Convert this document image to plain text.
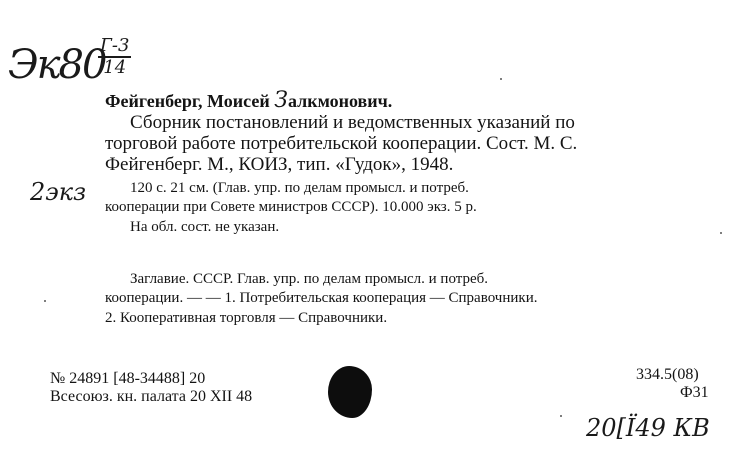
Эк80
Г-3
14
2экз
Фейгенберг, Моисей Залкмонович.
Сборник постановлений и ведомственных указаний по
торговой работе потребительской кооперации. Сост. М. С.
Фейгенберг. М., КОИЗ, тип. «Гудок», 1948.
120 с. 21 см. (Глав. упр. по делам промысл. и потреб.
кооперации при Совете министров СССР). 10.000 экз. 5 р.
На обл. сост. не указан.
Заглавие. СССР. Глав. упр. по делам промысл. и потреб.
кооперации. — — 1. Потребительская кооперация — Справочники.
2. Кооперативная торговля — Справочники.
№ 24891 [48-34488] 20
Всесоюз. кн. палата 20 XII 48
334.5(08)
Ф31
20[Ї49 КВ
